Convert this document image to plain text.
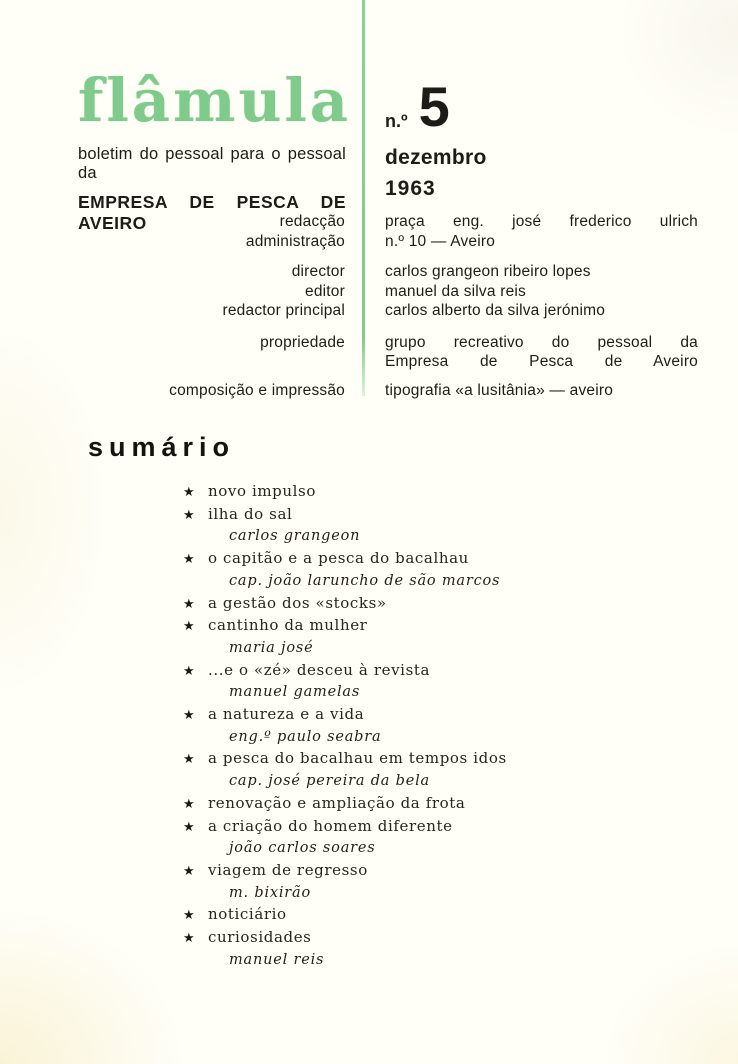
flâmula
boletim do pessoal para o pessoal da
EMPRESA DE PESCA DE AVEIRO
n.º 5
dezembro
1963
redacção	praça eng. josé frederico ulrich
administração	n.º 10 — Aveiro
director	carlos grangeon ribeiro lopes
editor	manuel da silva reis
redactor principal	carlos alberto da silva jerónimo
propriedade	grupo recreativo do pessoal da
Empresa de Pesca de Aveiro
composição e impressão	tipografia «a lusitânia» — aveiro
sumário
★ novo impulso
★ ilha do sal
carlos grangeon
★ o capitão e a pesca do bacalhau
cap. joão laruncho de são marcos
★ a gestão dos «stocks»
★ cantinho da mulher
maria josé
★ ...e o «zé» desceu à revista
manuel gamelas
★ a natureza e a vida
eng.º paulo seabra
★ a pesca do bacalhau em tempos idos
cap. josé pereira da bela
★ renovação e ampliação da frota
★ a criação do homem diferente
joão carlos soares
★ viagem de regresso
m. bixirão
★ noticiário
★ curiosidades
manuel reis
